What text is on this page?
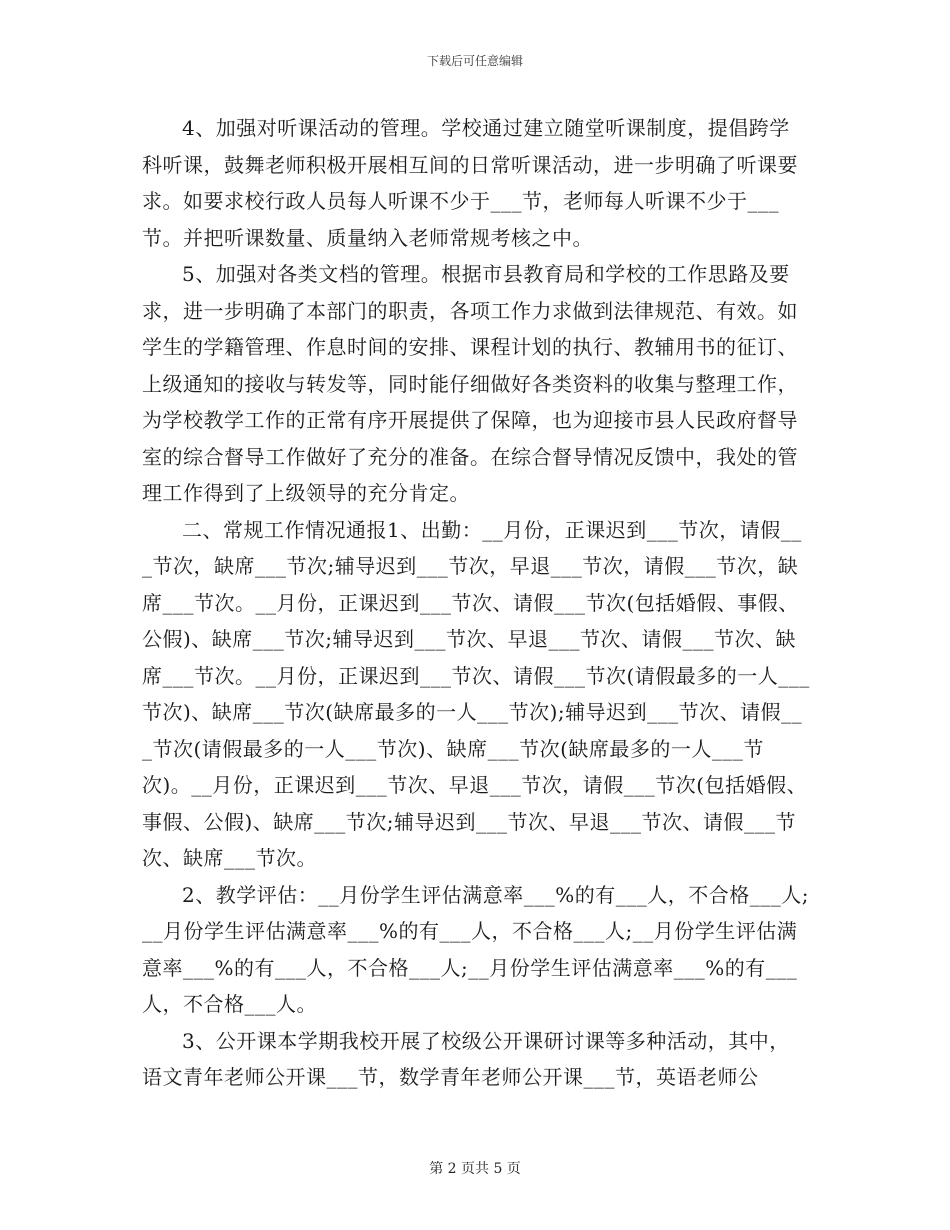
下载后可任意编辑

4、加强对听课活动的管理。学校通过建立随堂听课制度，提倡跨学科听课，鼓舞老师积极开展相互间的日常听课活动，进一步明确了听课要求。如要求校行政人员每人听课不少于___节，老师每人听课不少于___节。并把听课数量、质量纳入老师常规考核之中。

5、加强对各类文档的管理。根据市县教育局和学校的工作思路及要求，进一步明确了本部门的职责，各项工作力求做到法律规范、有效。如学生的学籍管理、作息时间的安排、课程计划的执行、教辅用书的征订、上级通知的接收与转发等，同时能仔细做好各类资料的收集与整理工作，为学校教学工作的正常有序开展提供了保障，也为迎接市县人民政府督导室的综合督导工作做好了充分的准备。在综合督导情况反馈中，我处的管理工作得到了上级领导的充分肯定。

二、常规工作情况通报1、出勤：__月份，正课迟到___节次，请假___节次，缺席___节次;辅导迟到___节次，早退___节次，请假___节次，缺席___节次。__月份，正课迟到___节次、请假___节次(包括婚假、事假、公假)、缺席___节次;辅导迟到___节次、早退___节次、请假___节次、缺席___节次。__月份，正课迟到___节次、请假___节次(请假最多的一人___节次)、缺席___节次(缺席最多的一人___节次);辅导迟到___节次、请假___节次(请假最多的一人___节次)、缺席___节次(缺席最多的一人___节次)。__月份，正课迟到___节次、早退___节次，请假___节次(包括婚假、事假、公假)、缺席___节次;辅导迟到___节次、早退___节次、请假___节次、缺席___节次。

2、教学评估：__月份学生评估满意率___%的有___人，不合格___人;__月份学生评估满意率___%的有___人，不合格___人;__月份学生评估满意率___%的有___人，不合格___人;__月份学生评估满意率___%的有___人，不合格___人。

3、公开课本学期我校开展了校级公开课研讨课等多种活动，其中，语文青年老师公开课___节，数学青年老师公开课___节，英语老师公

第 2 页共 5 页
